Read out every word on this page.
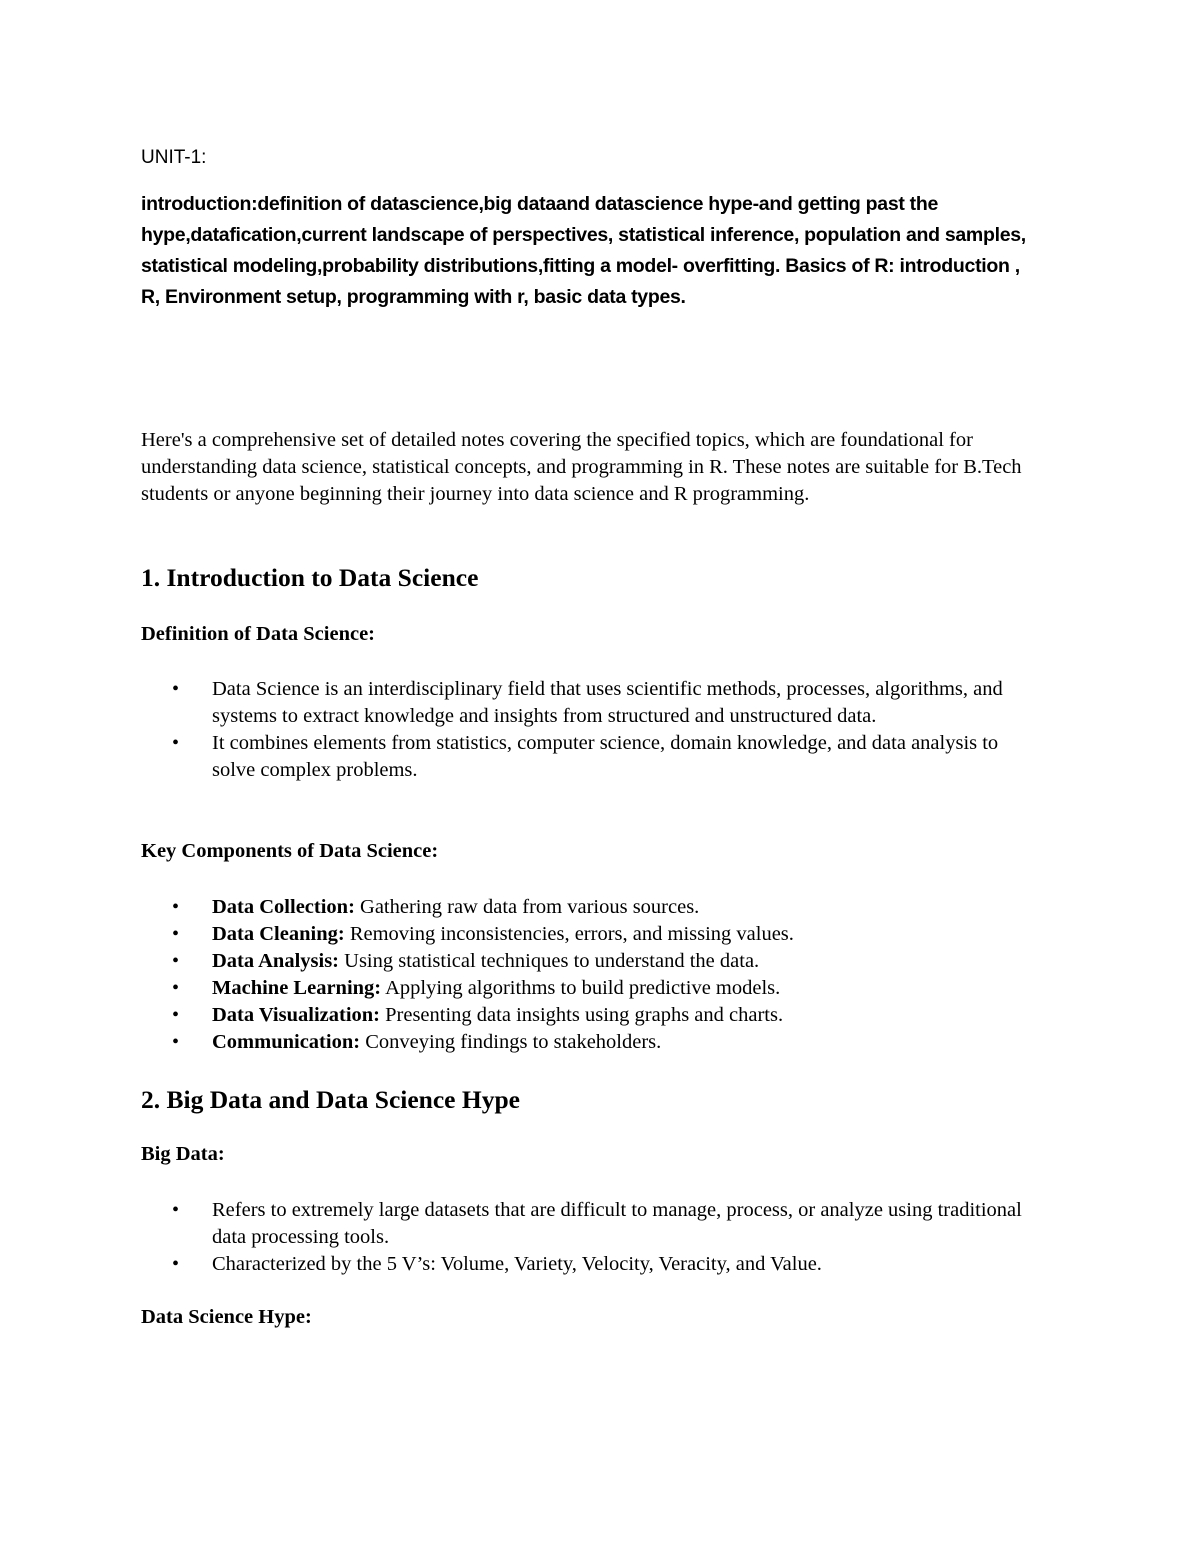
UNIT-1:

introduction:definition of datascience,big dataand datascience hype-and getting past the hype,datafication,current landscape of perspectives, statistical inference, population and samples, statistical modeling,probability distributions,fitting a model- overfitting. Basics of R: introduction , R, Environment setup, programming with r, basic data types.

Here's a comprehensive set of detailed notes covering the specified topics, which are foundational for understanding data science, statistical concepts, and programming in R. These notes are suitable for B.Tech students or anyone beginning their journey into data science and R programming.

1. Introduction to Data Science
Definition of Data Science:
• Data Science is an interdisciplinary field that uses scientific methods, processes, algorithms, and systems to extract knowledge and insights from structured and unstructured data.
• It combines elements from statistics, computer science, domain knowledge, and data analysis to solve complex problems.
Key Components of Data Science:
• Data Collection: Gathering raw data from various sources.
• Data Cleaning: Removing inconsistencies, errors, and missing values.
• Data Analysis: Using statistical techniques to understand the data.
• Machine Learning: Applying algorithms to build predictive models.
• Data Visualization: Presenting data insights using graphs and charts.
• Communication: Conveying findings to stakeholders.
2. Big Data and Data Science Hype
Big Data:
• Refers to extremely large datasets that are difficult to manage, process, or analyze using traditional data processing tools.
• Characterized by the 5 V’s: Volume, Variety, Velocity, Veracity, and Value.
Data Science Hype:
